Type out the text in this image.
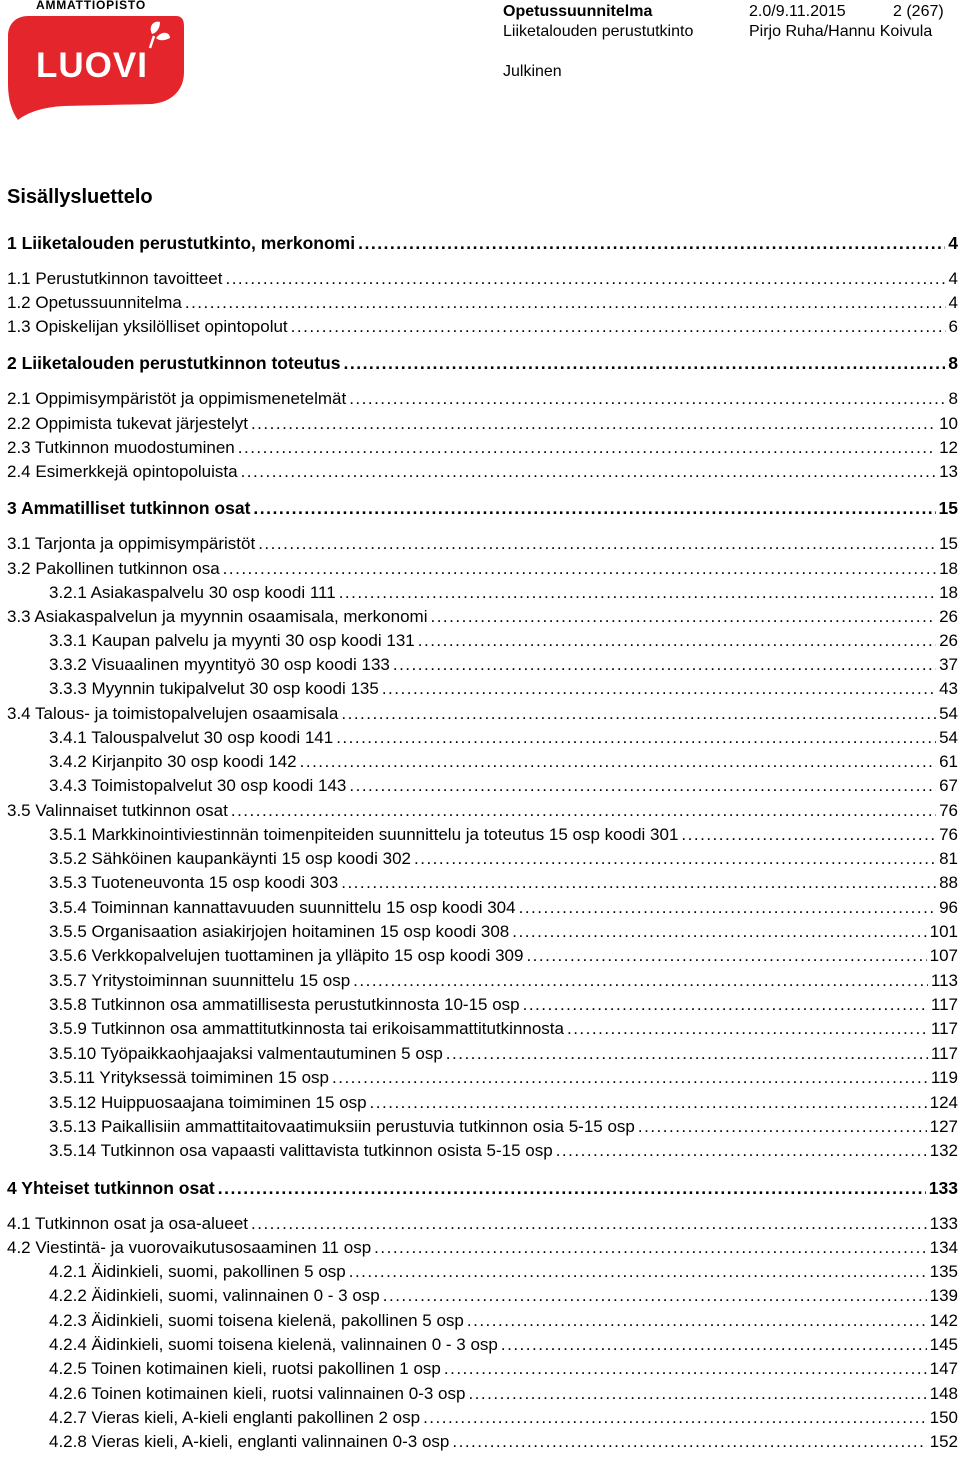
AMMATTIOPISTO
LUOVI
Opetussuunnitelma	2.0/9.11.2015	2 (267)
Liiketalouden perustutkinto	Pirjo Ruha/Hannu Koivula
Julkinen
Sisällysluettelo
1 Liiketalouden perustutkinto, merkonomi .....	4
1.1 Perustutkinnon tavoitteet .....	4
1.2 Opetussuunnitelma .....	4
1.3 Opiskelijan yksilölliset opintopolut .....	6
2 Liiketalouden perustutkinnon toteutus .....	8
2.1 Oppimisympäristöt ja oppimismenetelmät .....	8
2.2 Oppimista tukevat järjestelyt .....	10
2.3 Tutkinnon muodostuminen .....	12
2.4 Esimerkkejä opintopoluista .....	13
3 Ammatilliset tutkinnon osat .....	15
3.1 Tarjonta ja oppimisympäristöt .....	15
3.2 Pakollinen tutkinnon osa .....	18
3.2.1 Asiakaspalvelu 30 osp koodi 111 .....	18
3.3 Asiakaspalvelun ja myynnin osaamisala, merkonomi .....	26
3.3.1 Kaupan palvelu ja myynti 30 osp koodi 131 .....	26
3.3.2 Visuaalinen myyntityö 30 osp koodi 133 .....	37
3.3.3 Myynnin tukipalvelut 30 osp koodi 135 .....	43
3.4 Talous- ja toimistopalvelujen osaamisala .....	54
3.4.1 Talouspalvelut 30 osp koodi 141 .....	54
3.4.2 Kirjanpito 30 osp koodi 142 .....	61
3.4.3 Toimistopalvelut 30 osp koodi 143 .....	67
3.5 Valinnaiset tutkinnon osat .....	76
3.5.1 Markkinointiviestinnän toimenpiteiden suunnittelu ja toteutus 15 osp koodi 301 .....	76
3.5.2 Sähköinen kaupankäynti 15 osp koodi 302 .....	81
3.5.3 Tuoteneuvonta 15 osp koodi 303 .....	88
3.5.4 Toiminnan kannattavuuden suunnittelu 15 osp koodi 304 .....	96
3.5.5 Organisaation asiakirjojen hoitaminen 15 osp koodi 308 .....	101
3.5.6 Verkkopalvelujen tuottaminen ja ylläpito 15 osp koodi 309 .....	107
3.5.7 Yritystoiminnan suunnittelu 15 osp .....	113
3.5.8 Tutkinnon osa ammatillisesta perustutkinnosta 10-15 osp .....	117
3.5.9 Tutkinnon osa ammattitutkinnosta tai erikoisammattitutkinnosta .....	117
3.5.10 Työpaikkaohjaajaksi valmentautuminen 5 osp .....	117
3.5.11 Yrityksessä toimiminen 15 osp .....	119
3.5.12 Huippuosaajana toimiminen 15 osp .....	124
3.5.13 Paikallisiin ammattitaitovaatimuksiin perustuvia tutkinnon osia 5-15 osp .....	127
3.5.14 Tutkinnon osa vapaasti valittavista tutkinnon osista 5-15 osp .....	132
4 Yhteiset tutkinnon osat .....	133
4.1 Tutkinnon osat ja osa-alueet .....	133
4.2 Viestintä- ja vuorovaikutusosaaminen 11 osp .....	134
4.2.1 Äidinkieli, suomi, pakollinen 5 osp .....	135
4.2.2 Äidinkieli, suomi, valinnainen 0 - 3 osp .....	139
4.2.3 Äidinkieli, suomi toisena kielenä, pakollinen 5 osp .....	142
4.2.4 Äidinkieli, suomi toisena kielenä, valinnainen 0 - 3 osp .....	145
4.2.5 Toinen kotimainen kieli, ruotsi pakollinen 1 osp .....	147
4.2.6 Toinen kotimainen kieli, ruotsi valinnainen 0-3 osp .....	148
4.2.7 Vieras kieli, A-kieli englanti pakollinen 2 osp .....	150
4.2.8 Vieras kieli, A-kieli, englanti valinnainen 0-3 osp .....	152
